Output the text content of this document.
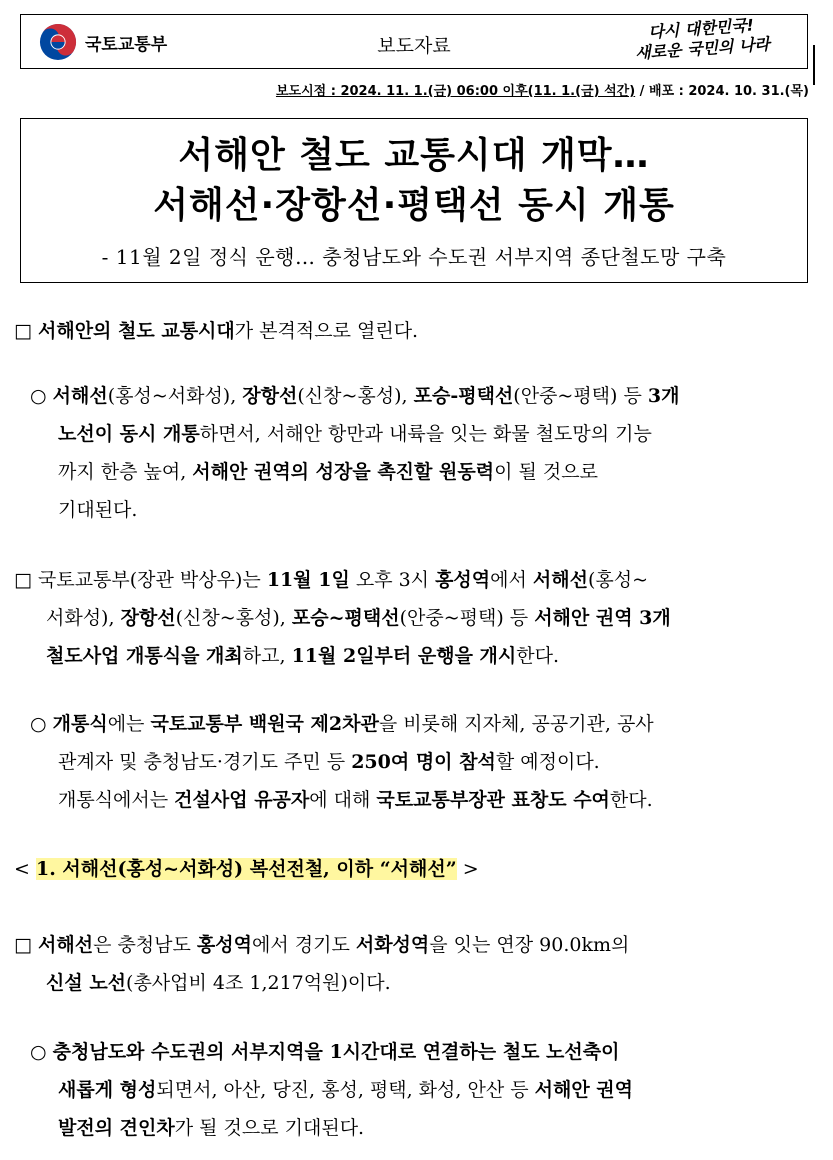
국토교통부	보도자료
다시 대한민국!
새로운 국민의 나라
보도시점 : 2024. 11. 1.(금) 06:00 이후(11. 1.(금) 석간) / 배포 : 2024. 10. 31.(목)
서해안 철도 교통시대 개막…
서해선·장항선·평택선 동시 개통
- 11월 2일 정식 운행… 충청남도와 수도권 서부지역 종단철도망 구축
□ 서해안의 철도 교통시대가 본격적으로 열린다.
○ 서해선(홍성~서화성), 장항선(신창~홍성), 포승-평택선(안중~평택) 등 3개
노선이 동시 개통하면서, 서해안 항만과 내륙을 잇는 화물 철도망의 기능
까지 한층 높여, 서해안 권역의 성장을 촉진할 원동력이 될 것으로
기대된다.
□ 국토교통부(장관 박상우)는 11월 1일 오후 3시 홍성역에서 서해선(홍성~
서화성), 장항선(신창~홍성), 포승~평택선(안중~평택) 등 서해안 권역 3개
철도사업 개통식을 개최하고, 11월 2일부터 운행을 개시한다.
○ 개통식에는 국토교통부 백원국 제2차관을 비롯해 지자체, 공공기관, 공사
관계자 및 충청남도·경기도 주민 등 250여 명이 참석할 예정이다.
개통식에서는 건설사업 유공자에 대해 국토교통부장관 표창도 수여한다.
< 1. 서해선(홍성~서화성) 복선전철, 이하 “서해선” >
□ 서해선은 충청남도 홍성역에서 경기도 서화성역을 잇는 연장 90.0km의
신설 노선(총사업비 4조 1,217억원)이다.
○ 충청남도와 수도권의 서부지역을 1시간대로 연결하는 철도 노선축이
새롭게 형성되면서, 아산, 당진, 홍성, 평택, 화성, 안산 등 서해안 권역
발전의 견인차가 될 것으로 기대된다.
